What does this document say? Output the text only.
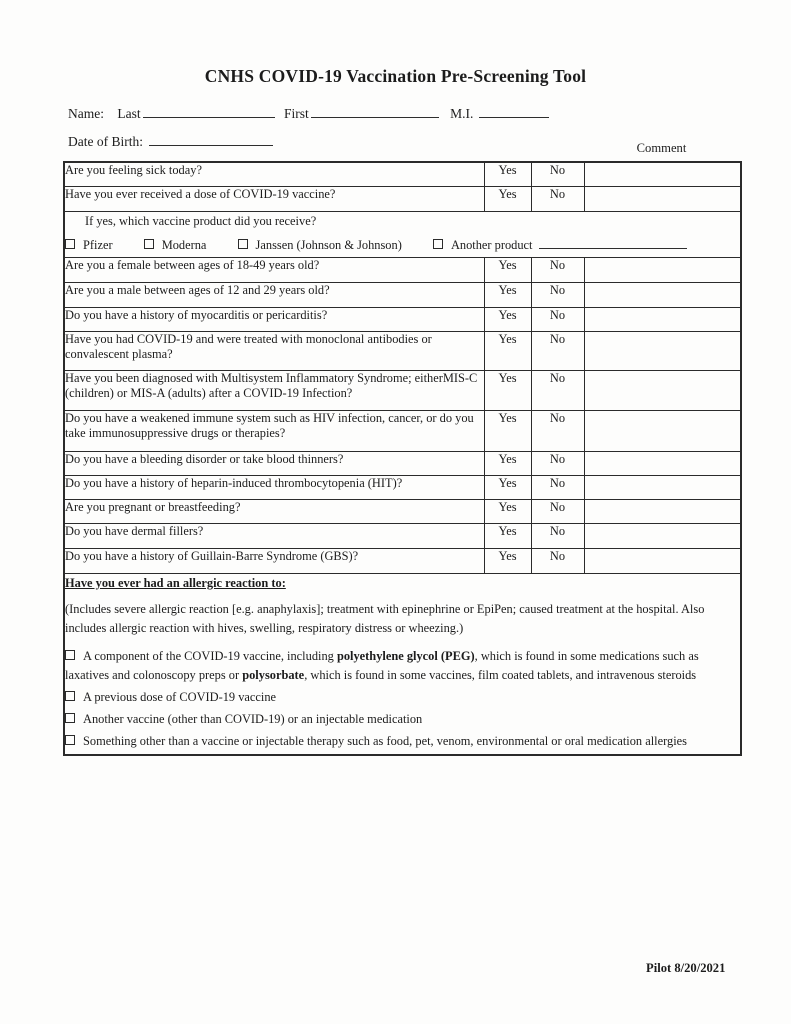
CNHS COVID-19 Vaccination Pre-Screening Tool
Name: Last	First	M.I.
Date of Birth:	Comment
Are you feeling sick today?	Yes	No	
Have you ever received a dose of COVID-19 vaccine?	Yes	No	

If yes, which vaccine product did you receive?
Pfizer Moderna Janssen (Johnson & Johnson) Another product			

Are you a female between ages of 18-49 years old?	Yes	No	
Are you a male between ages of 12 and 29 years old?	Yes	No	
Do you have a history of myocarditis or pericarditis?	Yes	No	
Have you had COVID-19 and were treated with monoclonal antibodies or convalescent plasma?	Yes	No	
Have you been diagnosed with Multisystem Inflammatory Syndrome; eitherMIS-C (children) or MIS-A (adults) after a COVID-19 Infection?	Yes	No	
Do you have a weakened immune system such as HIV infection, cancer, or do you take immunosuppressive drugs or therapies?	Yes	No	
Do you have a bleeding disorder or take blood thinners?	Yes	No	
Do you have a history of heparin-induced thrombocytopenia (HIT)?	Yes	No	
Are you pregnant or breastfeeding?	Yes	No	
Do you have dermal fillers?	Yes	No	
Do you have a history of Guillain-Barre Syndrome (GBS)?	Yes	No	

Have you ever had an allergic reaction to:
(Includes severe allergic reaction [e.g. anaphylaxis]; treatment with epinephrine or EpiPen; caused treatment at the hospital. Also includes allergic reaction with hives, swelling, respiratory distress or wheezing.)
A component of the COVID-19 vaccine, including polyethylene glycol (PEG), which is found in some medications such as laxatives and colonoscopy preps or polysorbate, which is found in some vaccines, film coated tablets, and intravenous steroids
A previous dose of COVID-19 vaccine
Another vaccine (other than COVID-19) or an injectable medication
Something other than a vaccine or injectable therapy such as food, pet, venom, environmental or oral medication allergies
Pilot 8/20/2021
